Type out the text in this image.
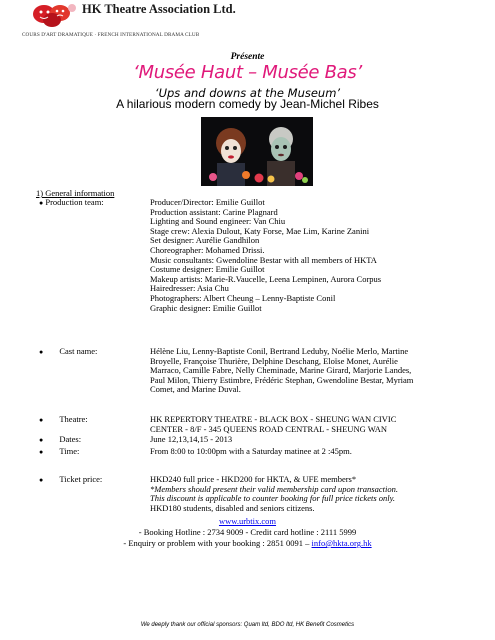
HK Theatre Association Ltd.
COURS D'ART DRAMATIQUE · FRENCH INTERNATIONAL DRAMA CLUB
Présente
‘Musée Haut – Musée Bas’
‘Ups and downs at the Museum’
A hilarious modern comedy by Jean-Michel Ribes
1) General information
● Production team:	Producer/Director: Emilie Guillot
Production assistant: Carine Plagnard
Lighting and Sound engineer: Van Chiu
Stage crew: Alexia Dulout, Katy Forse, Mae Lim, Karine Zanini
Set designer: Aurélie Gandhilon
Choreographer: Mohamed Drissi.
Music consultants: Gwendoline Bestar with all members of HKTA
Costume designer: Emilie Guillot
Makeup artists: Marie-R.Vaucelle, Leena Lempinen, Aurora Corpus
Hairedresser: Asia Chu
Photographers: Albert Cheung – Lenny-Baptiste Conil
Graphic designer: Emilie Guillot
● Cast name:	Hélène Liu, Lenny-Baptiste Conil, Bertrand Leduby, Noélie Merlo, Martine
Broyelle, Françoise Thurière, Delphine Deschang, Eloïse Monet, Aurélie
Marraco, Camille Fabre, Nelly Cheminade, Marine Girard, Marjorie Landes,
Paul Milon, Thierry Estimbre, Frédéric Stephan, Gwendoline Bestar, Myriam
Comet, and Marine Duval.
● Theatre:	HK REPERTORY THEATRE - BLACK BOX - SHEUNG WAN CIVIC
CENTER - 8/F - 345 QUEENS ROAD CENTRAL - SHEUNG WAN
● Dates:	June 12,13,14,15 - 2013
● Time:	From 8:00 to 10:00pm with a Saturday matinee at 2 :45pm.
● Ticket price:	HKD240 full price - HKD200 for HKTA, & UFE members*
*Members should present their valid membership card upon transaction.
This discount is applicable to counter booking for full price tickets only.
HKD180 students, disabled and seniors citizens.
www.urbtix.com
- Booking Hotline : 2734 9009 - Credit card hotline : 2111 5999
- Enquiry or problem with your booking : 2851 0091 – info@hkta.org.hk
We deeply thank our official sponsors: Quam ltd, BDO ltd, HK Benefit Cosmetics
